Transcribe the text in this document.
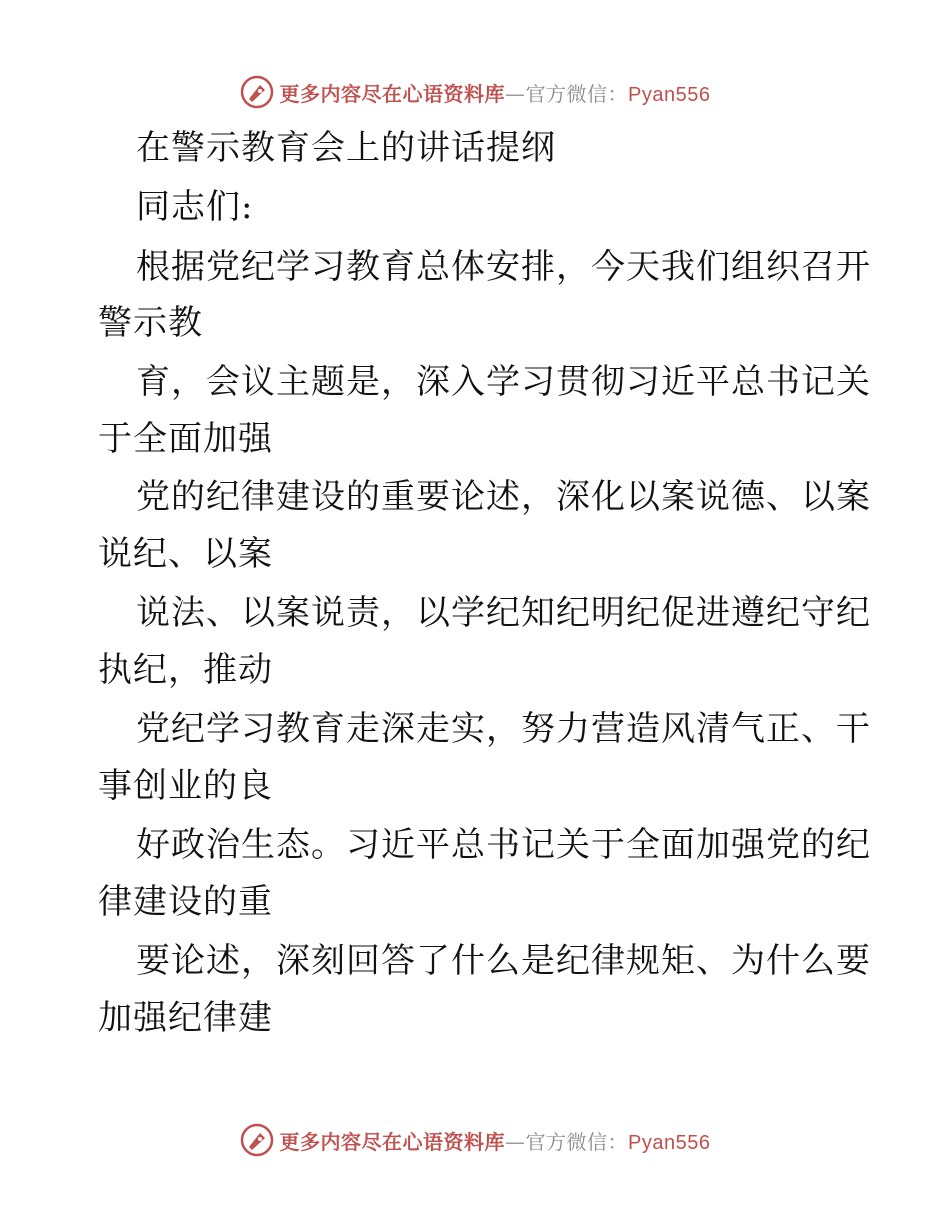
更多内容尽在心语资料库—官方微信：Pyan556
在警示教育会上的讲话提纲
同志们:
根据党纪学习教育总体安排，今天我们组织召开
警示教
育，会议主题是，深入学习贯彻习近平总书记关
于全面加强
党的纪律建设的重要论述，深化以案说德、以案
说纪、以案
说法、以案说责，以学纪知纪明纪促进遵纪守纪
执纪，推动
党纪学习教育走深走实，努力营造风清气正、干
事创业的良
好政治生态。习近平总书记关于全面加强党的纪
律建设的重
要论述，深刻回答了什么是纪律规矩、为什么要
加强纪律建
更多内容尽在心语资料库—官方微信：Pyan556
